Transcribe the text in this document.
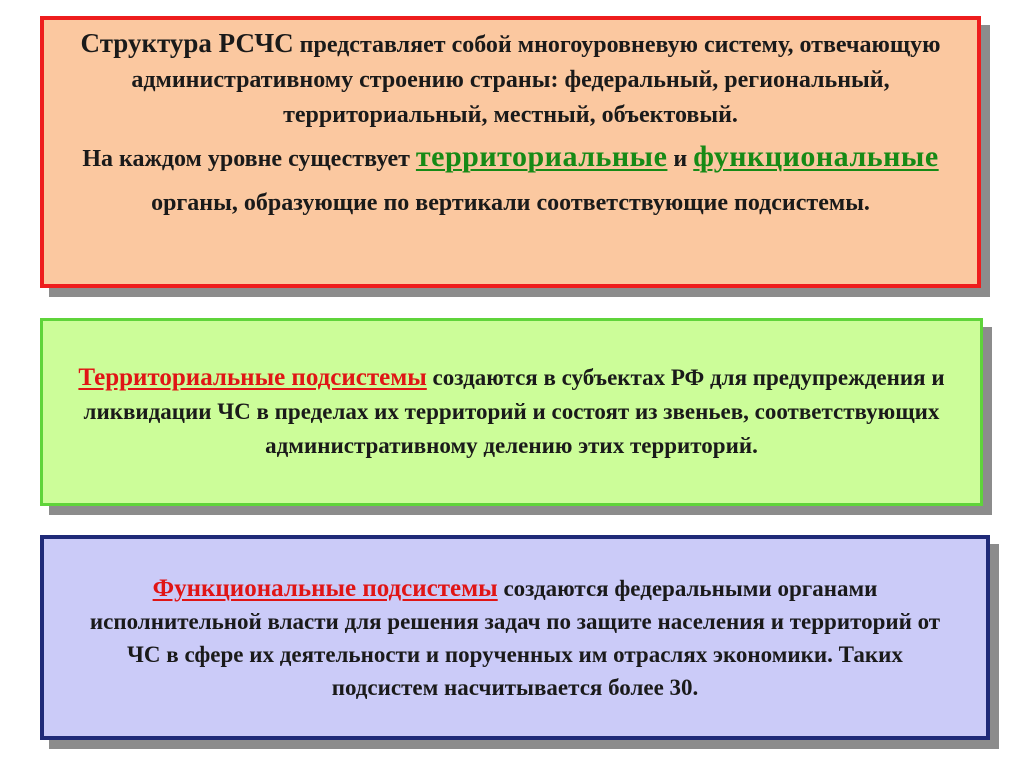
Структура РСЧС представляет собой многоуровневую систему, отвечающую административному строению страны: федеральный, региональный, территориальный, местный, объектовый.

На каждом уровне существует территориальные и функциональные органы, образующие по вертикали соответствующие подсистемы.

Территориальные подсистемы создаются в субъектах РФ для предупреждения и ликвидации ЧС в пределах их территорий и состоят из звеньев, соответствующих административному делению этих территорий.

Функциональные подсистемы создаются федеральными органами исполнительной власти для решения задач по защите населения и территорий от ЧС в сфере их деятельности и порученных им отраслях экономики. Таких подсистем насчитывается более 30.
